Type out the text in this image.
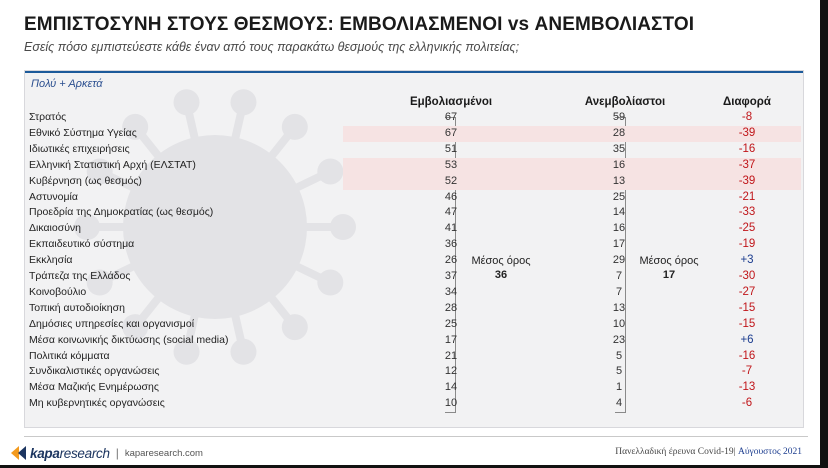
ΕΜΠΙΣΤΟΣΥΝΗ ΣΤΟΥΣ ΘΕΣΜΟΥΣ: ΕΜΒΟΛΙΑΣΜΕΝΟΙ vs ΑΝΕΜΒΟΛΙΑΣΤΟΙ
Εσείς πόσο εμπιστεύεστε κάθε έναν από τους παρακάτω θεσμούς της ελληνικής πολιτείας;
Πολύ + Αρκετά
Εμβολιασμένοι	Ανεμβολίαστοι	Διαφορά
Μέσος όρος
36
Μέσος όρος
17
Στρατός	67	59	-8
Εθνικό Σύστημα Υγείας	67	28	-39
Ιδιωτικές επιχειρήσεις	51	35	-16
Ελληνική Στατιστική Αρχή (ΕΛΣΤΑΤ)	53	16	-37
Κυβέρνηση (ως θεσμός)	52	13	-39
Αστυνομία	46	25	-21
Προεδρία της Δημοκρατίας (ως θεσμός)	47	14	-33
Δικαιοσύνη	41	16	-25
Εκπαιδευτικό σύστημα	36	17	-19
Εκκλησία	26	29	+3
Τράπεζα της Ελλάδος	37	7	-30
Κοινοβούλιο	34	7	-27
Τοπική αυτοδιοίκηση	28	13	-15
Δημόσιες υπηρεσίες και οργανισμοί	25	10	-15
Μέσα κοινωνικής δικτύωσης (social media)	17	23	+6
Πολιτικά κόμματα	21	5	-16
Συνδικαλιστικές οργανώσεις	12	5	-7
Μέσα Μαζικής Ενημέρωσης	14	1	-13
Μη κυβερνητικές οργανώσεις	10	4	-6
kaparesearch | kaparesearch.com	Πανελλαδική έρευνα Covid-19| Αύγουστος 2021
